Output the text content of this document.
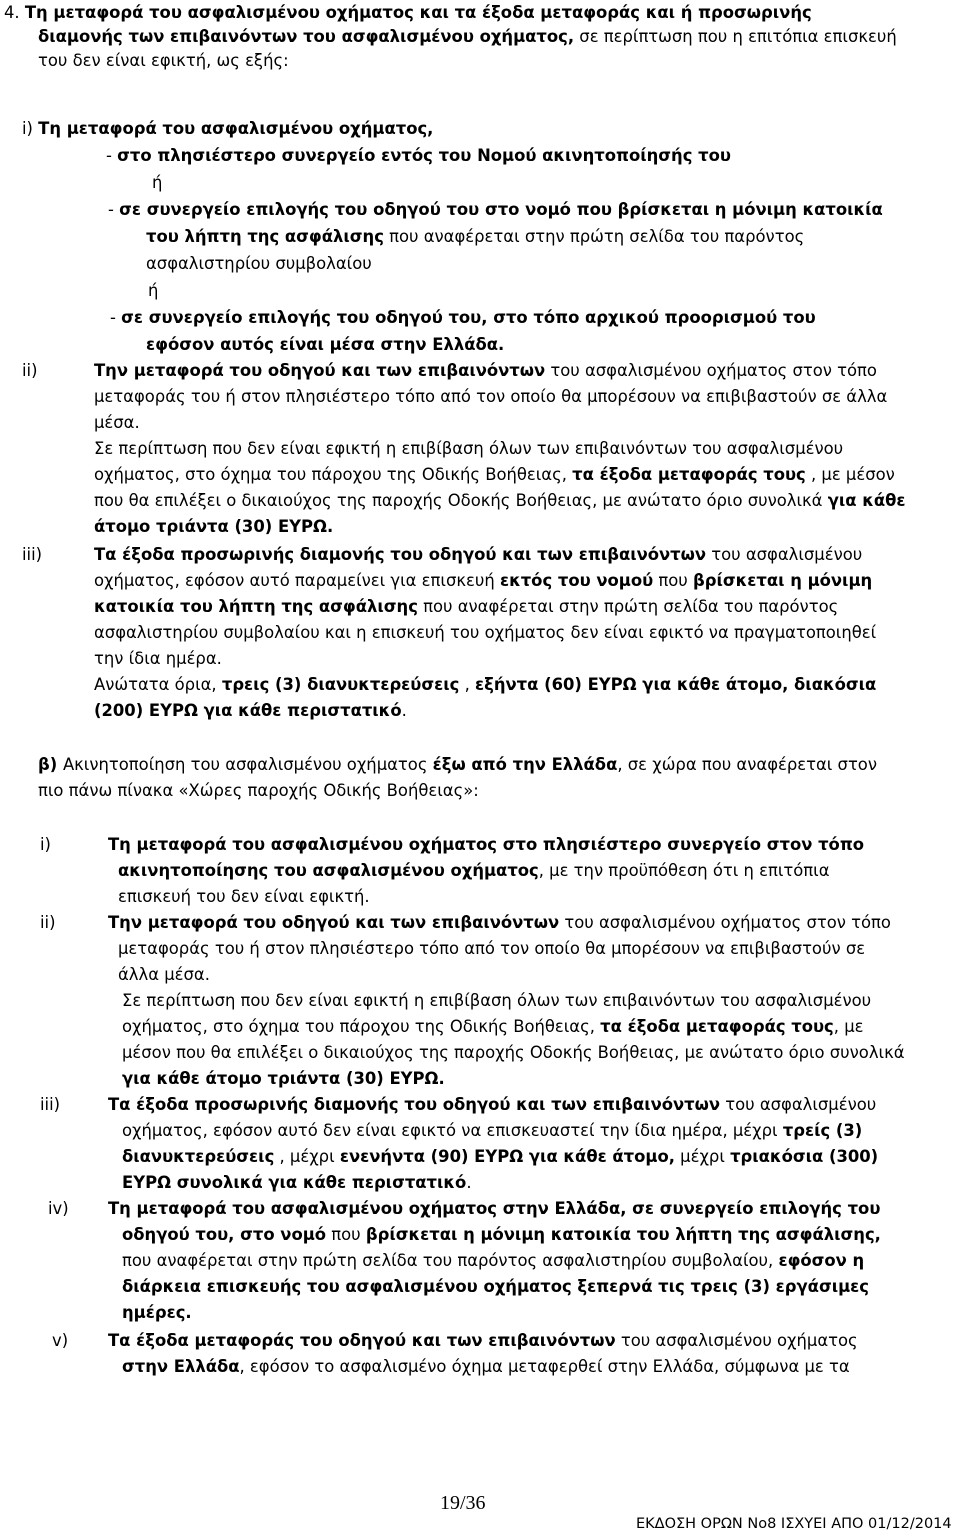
4. Τη μεταφορά του ασφαλισμένου οχήματος και τα έξοδα μεταφοράς και ή προσωρινής
διαμονής των επιβαινόντων του ασφαλισμένου οχήματος, σε περίπτωση που η επιτόπια επισκευή
του δεν είναι εφικτή, ως εξής:
i) Τη μεταφορά του ασφαλισμένου οχήματος,
- στο πλησιέστερο συνεργείο εντός του Νομού ακινητοποίησής του
ή
- σε συνεργείο επιλογής του οδηγού του στο νομό που βρίσκεται η μόνιμη κατοικία
του λήπτη της ασφάλισης που αναφέρεται στην πρώτη σελίδα του παρόντος
ασφαλιστηρίου συμβολαίου
ή
- σε συνεργείο επιλογής του οδηγού του, στο τόπο αρχικού προορισμού του
εφόσον αυτός είναι μέσα στην Ελλάδα.
ii)	Την μεταφορά του οδηγού και των επιβαινόντων του ασφαλισμένου οχήματος στον τόπο
μεταφοράς του ή στον πλησιέστερο τόπο από τον οποίο θα μπορέσουν να επιβιβαστούν σε άλλα
μέσα.
Σε περίπτωση που δεν είναι εφικτή η επιβίβαση όλων των επιβαινόντων του ασφαλισμένου
οχήματος, στο όχημα του πάροχου της Οδικής Βοήθειας, τα έξοδα μεταφοράς τους , με μέσον
που θα επιλέξει ο δικαιούχος της παροχής Οδοκής Βοήθειας, με ανώτατο όριο συνολικά για κάθε
άτομο τριάντα (30) ΕΥΡΩ.
iii)	Τα έξοδα προσωρινής διαμονής του οδηγού και των επιβαινόντων του ασφαλισμένου
οχήματος, εφόσον αυτό παραμείνει για επισκευή εκτός του νομού που βρίσκεται η μόνιμη
κατοικία του λήπτη της ασφάλισης που αναφέρεται στην πρώτη σελίδα του παρόντος
ασφαλιστηρίου συμβολαίου και η επισκευή του οχήματος δεν είναι εφικτό να πραγματοποιηθεί
την ίδια ημέρα.
Ανώτατα όρια, τρεις (3) διανυκτερεύσεις , εξήντα (60) ΕΥΡΩ για κάθε άτομο, διακόσια
(200) ΕΥΡΩ για κάθε περιστατικό.
β) Ακινητοποίηση του ασφαλισμένου οχήματος έξω από την Ελλάδα, σε χώρα που αναφέρεται στον
πιο πάνω πίνακα «Χώρες παροχής Οδικής Βοήθειας»:
i)	Τη μεταφορά του ασφαλισμένου οχήματος στο πλησιέστερο συνεργείο στον τόπο
ακινητοποίησης του ασφαλισμένου οχήματος, με την προϋπόθεση ότι η επιτόπια
επισκευή του δεν είναι εφικτή.
ii)	Την μεταφορά του οδηγού και των επιβαινόντων του ασφαλισμένου οχήματος στον τόπο
μεταφοράς του ή στον πλησιέστερο τόπο από τον οποίο θα μπορέσουν να επιβιβαστούν σε
άλλα μέσα.
Σε περίπτωση που δεν είναι εφικτή η επιβίβαση όλων των επιβαινόντων του ασφαλισμένου
οχήματος, στο όχημα του πάροχου της Οδικής Βοήθειας, τα έξοδα μεταφοράς τους, με
μέσον που θα επιλέξει ο δικαιούχος της παροχής Οδοκής Βοήθειας, με ανώτατο όριο συνολικά
για κάθε άτομο τριάντα (30) ΕΥΡΩ.
iii)	Τα έξοδα προσωρινής διαμονής του οδηγού και των επιβαινόντων του ασφαλισμένου
οχήματος, εφόσον αυτό δεν είναι εφικτό να επισκευαστεί την ίδια ημέρα, μέχρι τρείς (3)
διανυκτερεύσεις , μέχρι ενενήντα (90) ΕΥΡΩ για κάθε άτομο, μέχρι τριακόσια (300)
ΕΥΡΩ συνολικά για κάθε περιστατικό.
iv) Τη μεταφορά του ασφαλισμένου οχήματος στην Ελλάδα, σε συνεργείο επιλογής του
οδηγού του, στο νομό που βρίσκεται η μόνιμη κατοικία του λήπτη της ασφάλισης,
που αναφέρεται στην πρώτη σελίδα του παρόντος ασφαλιστηρίου συμβολαίου, εφόσον η
διάρκεια επισκευής του ασφαλισμένου οχήματος ξεπερνά τις τρεις (3) εργάσιμες
ημέρες.
v) Τα έξοδα μεταφοράς του οδηγού και των επιβαινόντων του ασφαλισμένου οχήματος
στην Ελλάδα, εφόσον το ασφαλισμένο όχημα μεταφερθεί στην Ελλάδα, σύμφωνα με τα
19/36
ΕΚΔΟΣΗ ΟΡΩΝ Νο8 ΙΣΧΥΕΙ ΑΠΟ 01/12/2014
